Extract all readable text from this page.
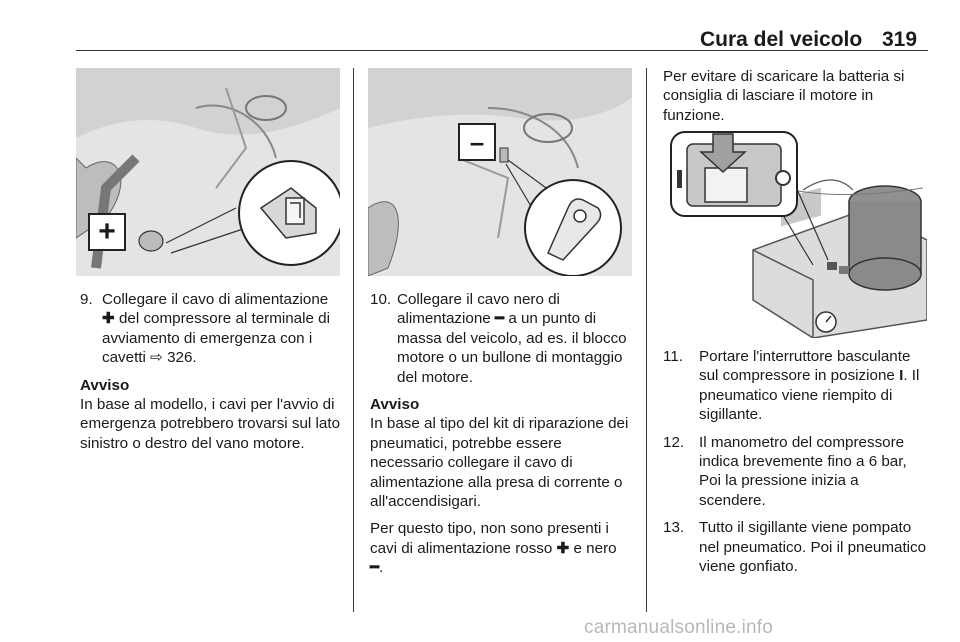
Cura del veicolo 319
+
–
9. Collegare il cavo di alimentazione ✚ del compressore al terminale di avviamento di emergenza con i cavetti ⇨ 326.
Avviso
In base al modello, i cavi per l'avvio di emergenza potrebbero trovarsi sul lato sinistro o destro del vano motore.
10. Collegare il cavo nero di alimentazione ━ a un punto di massa del veicolo, ad es. il blocco motore o un bullone di montaggio del motore.
Avviso
In base al tipo del kit di riparazione dei pneumatici, potrebbe essere necessario collegare il cavo di alimentazione alla presa di corrente o all'accendisigari.
Per questo tipo, non sono presenti i cavi di alimentazione rosso ✚ e nero ━.
Per evitare di scaricare la batteria si consiglia di lasciare il motore in funzione.
11. Portare l'interruttore basculante sul compressore in posizione I. Il pneumatico viene riempito di sigillante.
12. Il manometro del compressore indica brevemente fino a 6 bar, Poi la pressione inizia a scendere.
13. Tutto il sigillante viene pompato nel pneumatico. Poi il pneumatico viene gonfiato.
carmanualsonline.info
